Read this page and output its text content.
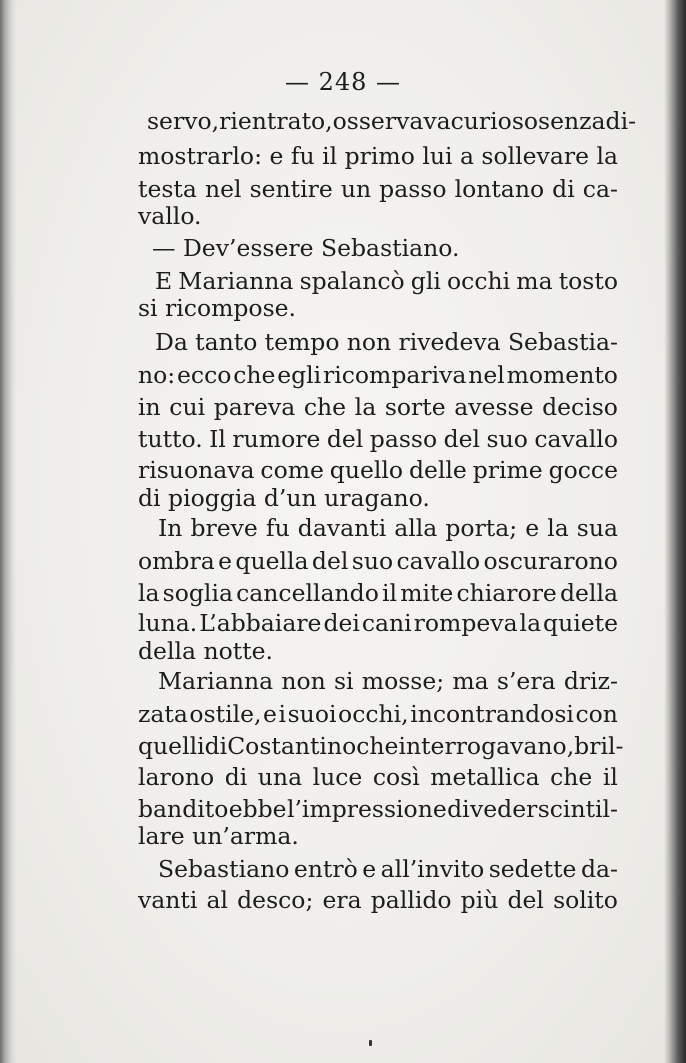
— 248 —
servo, rientrato, osservava curioso senza di-
mostrarlo: e fu il primo lui a sollevare la
testa nel sentire un passo lontano di ca-
vallo.
— Dev’essere Sebastiano.
E Marianna spalancò gli occhi ma tosto
si ricompose.
Da tanto tempo non rivedeva Sebastia-
no: ecco che egli ricompariva nel momento
in cui pareva che la sorte avesse deciso
tutto. Il rumore del passo del suo cavallo
risuonava come quello delle prime gocce
di pioggia d’un uragano.
In breve fu davanti alla porta; e la sua
ombra e quella del suo cavallo oscurarono
la soglia cancellando il mite chiarore della
luna. L’abbaiare dei cani rompeva la quiete
della notte.
Marianna non si mosse; ma s’era driz-
zata ostile, e i suoi occhi, incontrandosi con
quelli di Costantino che interrogavano, bril-
larono di una luce così metallica che il
bandito ebbe l’impressione di veder scintil-
lare un’arma.
Sebastiano entrò e all’invito sedette da-
vanti al desco; era pallido più del solito
